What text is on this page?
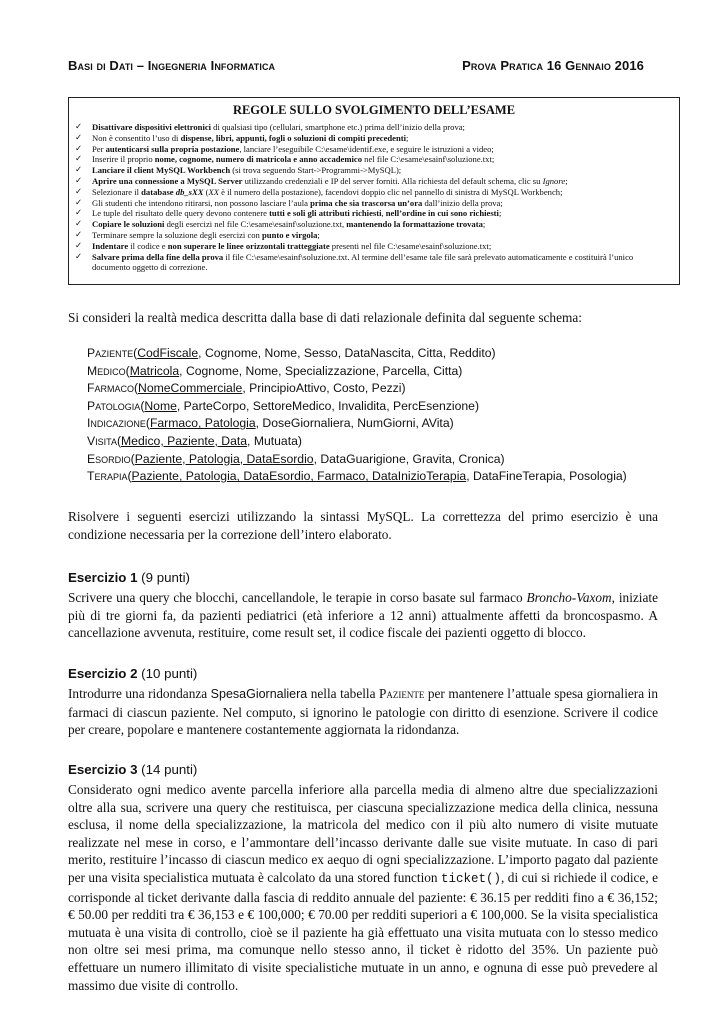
Basi di Dati – Ingegneria Informatica	Prova Pratica 16 Gennaio 2016
REGOLE SULLO SVOLGIMENTO DELL’ESAME
✓ Disattivare dispositivi elettronici di qualsiasi tipo (cellulari, smartphone etc.) prima dell’inizio della prova;
✓ Non è consentito l’uso di dispense, libri, appunti, fogli o soluzioni di compiti precedenti;
✓ Per autenticarsi sulla propria postazione, lanciare l’eseguibile C:\esame\identif.exe, e seguire le istruzioni a video;
✓ Inserire il proprio nome, cognome, numero di matricola e anno accademico nel file C:\esame\esainf\soluzione.txt;
✓ Lanciare il client MySQL Workbench (si trova seguendo Start->Programmi->MySQL);
✓ Aprire una connessione a MySQL Server utilizzando credenziali e IP del server forniti. Alla richiesta del default schema, clic su Ignore;
✓ Selezionare il database db_sXX (XX è il numero della postazione), facendovi doppio clic nel pannello di sinistra di MySQL Workbench;
✓ Gli studenti che intendono ritirarsi, non possono lasciare l’aula prima che sia trascorsa un’ora dall’inizio della prova;
✓ Le tuple del risultato delle query devono contenere tutti e soli gli attributi richiesti, nell’ordine in cui sono richiesti;
✓ Copiare le soluzioni degli esercizi nel file C:\esame\esainf\soluzione.txt, mantenendo la formattazione trovata;
✓ Terminare sempre la soluzione degli esercizi con punto e virgola;
✓ Indentare il codice e non superare le linee orizzontali tratteggiate presenti nel file C:\esame\esainf\soluzione.txt;
✓ Salvare prima della fine della prova il file C:\esame\esainf\soluzione.txt. Al termine dell’esame tale file sarà prelevato automaticamente e costituirà l’unico documento oggetto di correzione.
Si consideri la realtà medica descritta dalla base di dati relazionale definita dal seguente schema:
Paziente(CodFiscale, Cognome, Nome, Sesso, DataNascita, Citta, Reddito)
Medico(Matricola, Cognome, Nome, Specializzazione, Parcella, Citta)
Farmaco(NomeCommerciale, PrincipioAttivo, Costo, Pezzi)
Patologia(Nome, ParteCorpo, SettoreMedico, Invalidita, PercEsenzione)
Indicazione(Farmaco, Patologia, DoseGiornaliera, NumGiorni, AVita)
Visita(Medico, Paziente, Data, Mutuata)
Esordio(Paziente, Patologia, DataEsordio, DataGuarigione, Gravita, Cronica)
Terapia(Paziente, Patologia, DataEsordio, Farmaco, DataInizioTerapia, DataFineTerapia, Posologia)
Risolvere i seguenti esercizi utilizzando la sintassi MySQL. La correttezza del primo esercizio è una condizione necessaria per la correzione dell’intero elaborato.
Esercizio 1 (9 punti)
Scrivere una query che blocchi, cancellandole, le terapie in corso basate sul farmaco Broncho-Vaxom, iniziate più di tre giorni fa, da pazienti pediatrici (età inferiore a 12 anni) attualmente affetti da broncospasmo. A cancellazione avvenuta, restituire, come result set, il codice fiscale dei pazienti oggetto di blocco.
Esercizio 2 (10 punti)
Introdurre una ridondanza SpesaGiornaliera nella tabella Paziente per mantenere l’attuale spesa giornaliera in farmaci di ciascun paziente. Nel computo, si ignorino le patologie con diritto di esenzione. Scrivere il codice per creare, popolare e mantenere costantemente aggiornata la ridondanza.
Esercizio 3 (14 punti)
Considerato ogni medico avente parcella inferiore alla parcella media di almeno altre due specializzazioni oltre alla sua, scrivere una query che restituisca, per ciascuna specializzazione medica della clinica, nessuna esclusa, il nome della specializzazione, la matricola del medico con il più alto numero di visite mutuate realizzate nel mese in corso, e l’ammontare dell’incasso derivante dalle sue visite mutuate. In caso di pari merito, restituire l’incasso di ciascun medico ex aequo di ogni specializzazione. L’importo pagato dal paziente per una visita specialistica mutuata è calcolato da una stored function ticket(), di cui si richiede il codice, e corrisponde al ticket derivante dalla fascia di reddito annuale del paziente: € 36.15 per redditi fino a € 36,152; € 50.00 per redditi tra € 36,153 e € 100,000; € 70.00 per redditi superiori a € 100,000. Se la visita specialistica mutuata è una visita di controllo, cioè se il paziente ha già effettuato una visita mutuata con lo stesso medico non oltre sei mesi prima, ma comunque nello stesso anno, il ticket è ridotto del 35%. Un paziente può effettuare un numero illimitato di visite specialistiche mutuate in un anno, e ognuna di esse può prevedere al massimo due visite di controllo.
